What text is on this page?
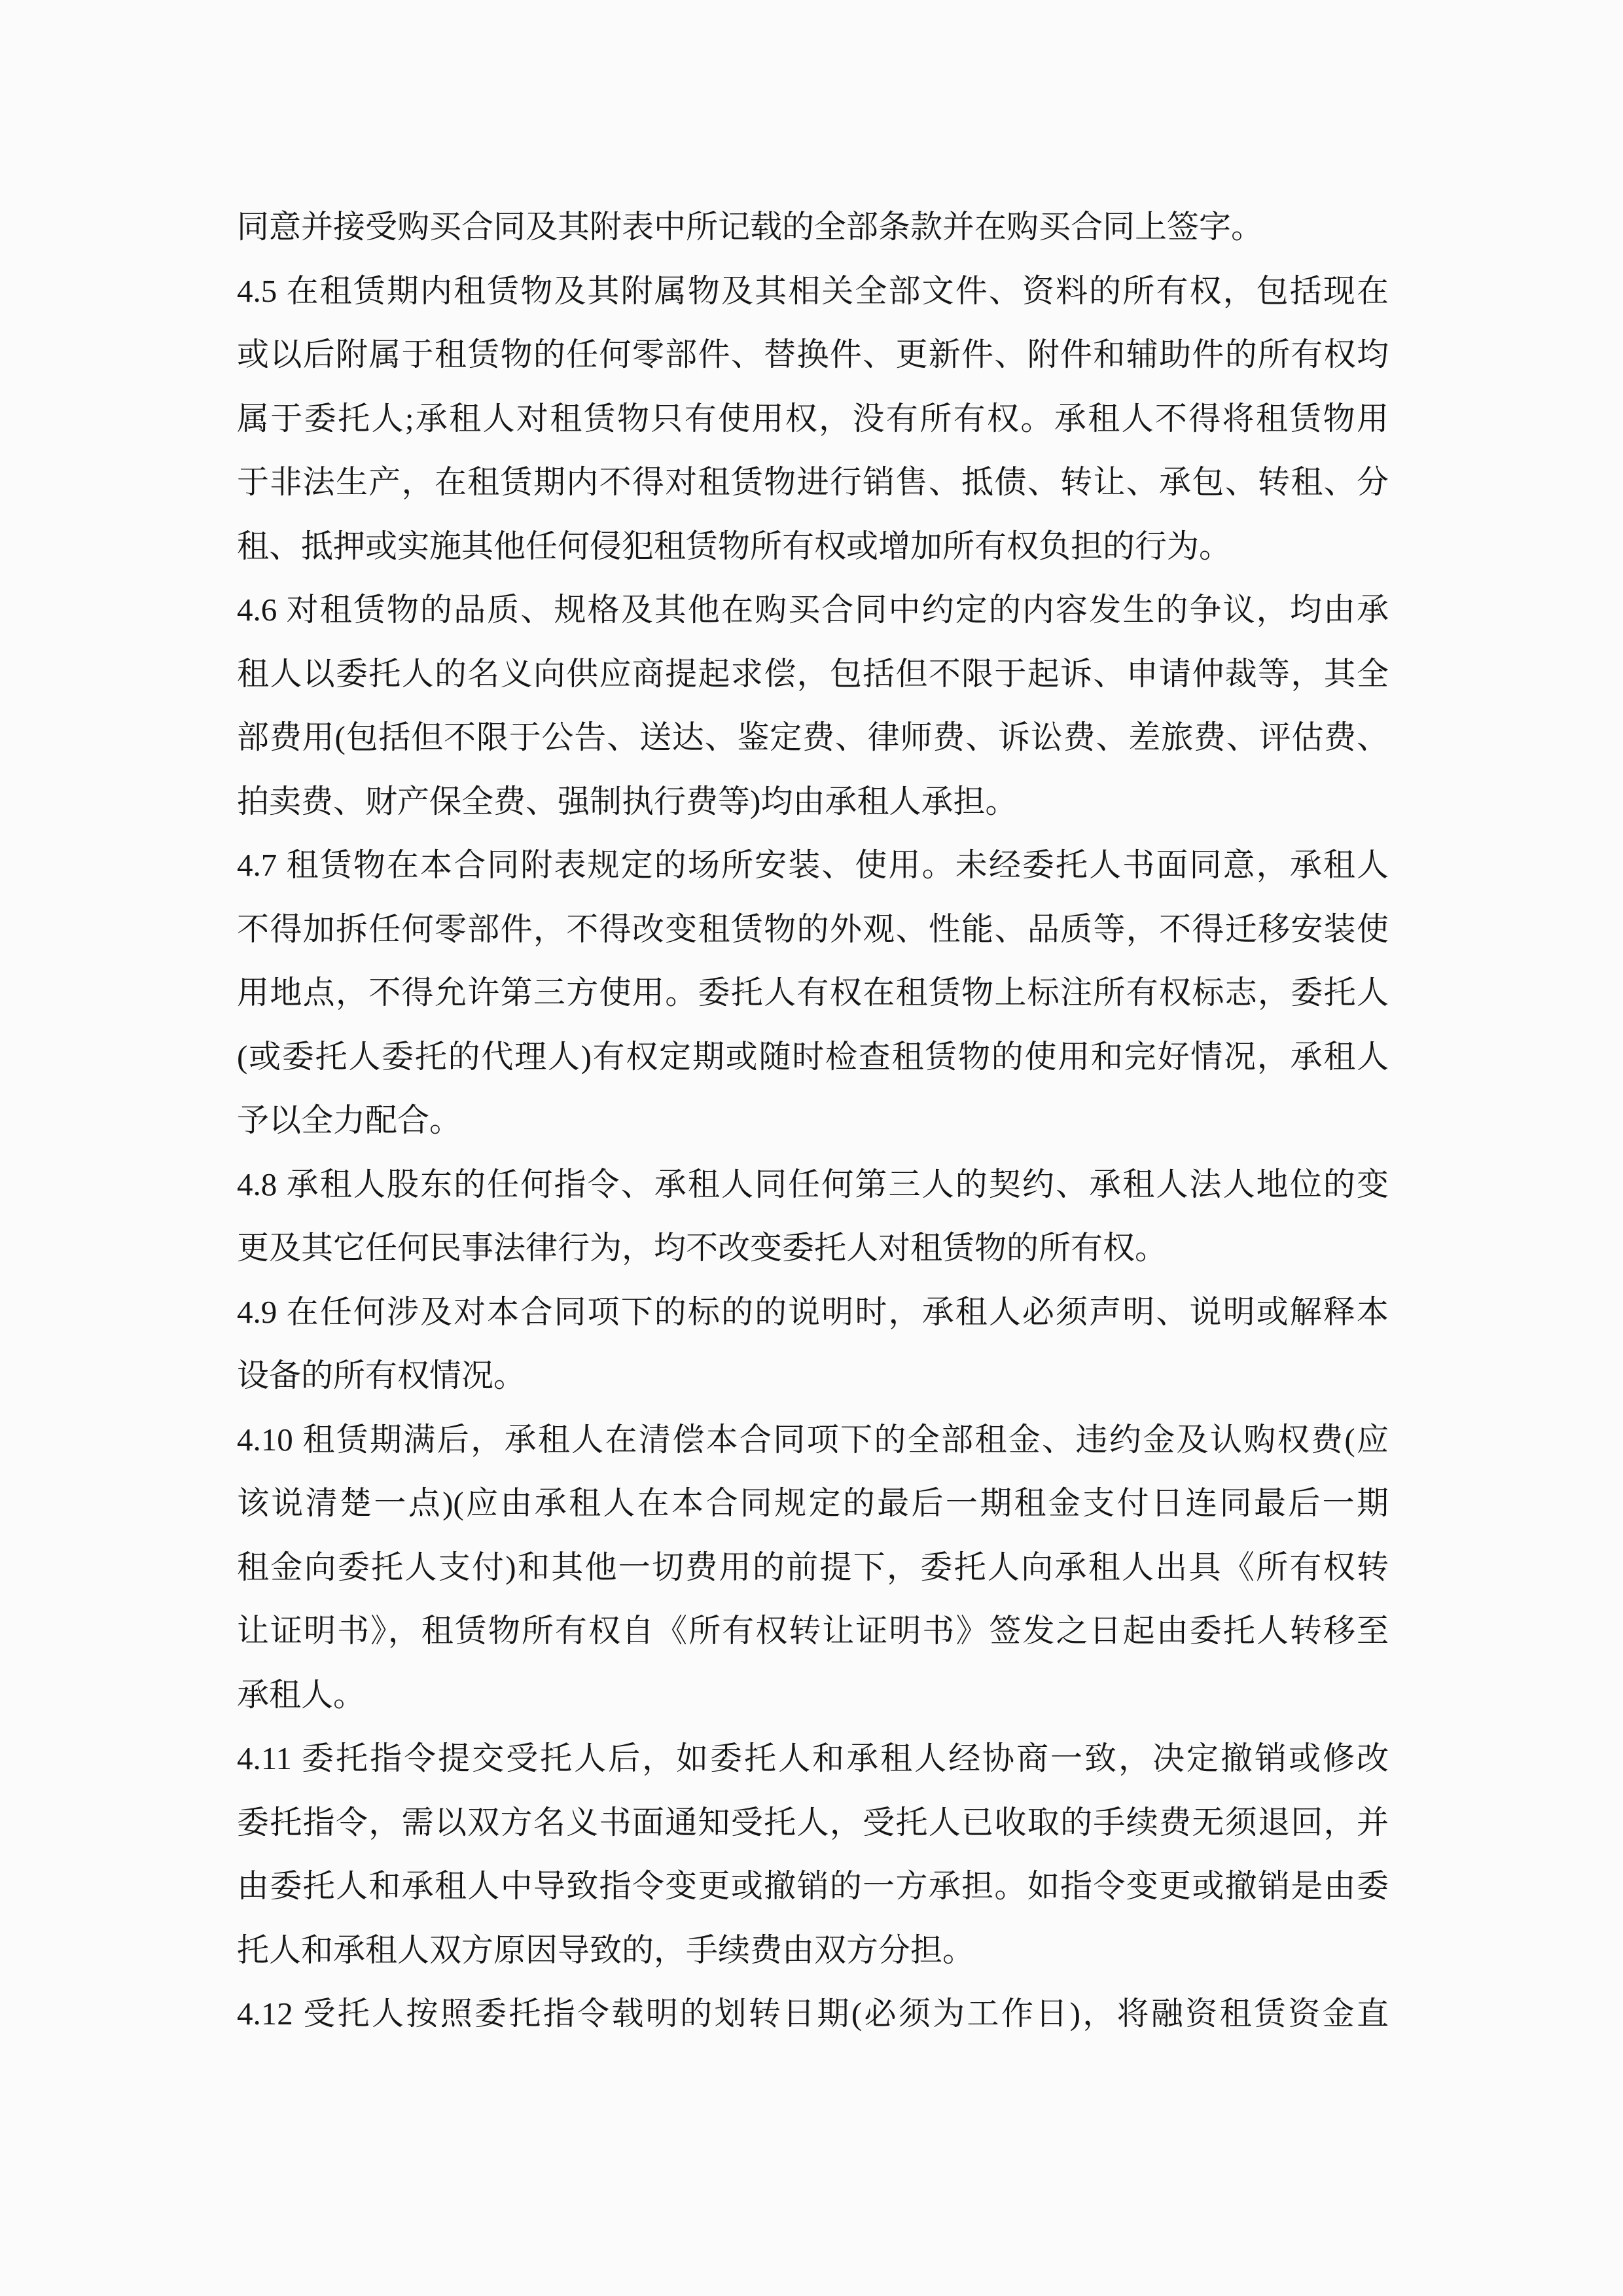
同意并接受购买合同及其附表中所记载的全部条款并在购买合同上签字。

4.5 在租赁期内租赁物及其附属物及其相关全部文件、资料的所有权，包括现在

或以后附属于租赁物的任何零部件、替换件、更新件、附件和辅助件的所有权均

属于委托人;承租人对租赁物只有使用权，没有所有权。承租人不得将租赁物用

于非法生产，在租赁期内不得对租赁物进行销售、抵债、转让、承包、转租、分

租、抵押或实施其他任何侵犯租赁物所有权或增加所有权负担的行为。

4.6 对租赁物的品质、规格及其他在购买合同中约定的内容发生的争议，均由承

租人以委托人的名义向供应商提起求偿，包括但不限于起诉、申请仲裁等，其全

部费用(包括但不限于公告、送达、鉴定费、律师费、诉讼费、差旅费、评估费、

拍卖费、财产保全费、强制执行费等)均由承租人承担。

4.7 租赁物在本合同附表规定的场所安装、使用。未经委托人书面同意，承租人

不得加拆任何零部件，不得改变租赁物的外观、性能、品质等，不得迁移安装使

用地点，不得允许第三方使用。委托人有权在租赁物上标注所有权标志，委托人

(或委托人委托的代理人)有权定期或随时检查租赁物的使用和完好情况，承租人

予以全力配合。

4.8 承租人股东的任何指令、承租人同任何第三人的契约、承租人法人地位的变

更及其它任何民事法律行为，均不改变委托人对租赁物的所有权。

4.9 在任何涉及对本合同项下的标的的说明时，承租人必须声明、说明或解释本

设备的所有权情况。

4.10 租赁期满后，承租人在清偿本合同项下的全部租金、违约金及认购权费(应

该说清楚一点)(应由承租人在本合同规定的最后一期租金支付日连同最后一期

租金向委托人支付)和其他一切费用的前提下，委托人向承租人出具《所有权转

让证明书》，租赁物所有权自《所有权转让证明书》签发之日起由委托人转移至

承租人。

4.11 委托指令提交受托人后，如委托人和承租人经协商一致，决定撤销或修改

委托指令，需以双方名义书面通知受托人，受托人已收取的手续费无须退回，并

由委托人和承租人中导致指令变更或撤销的一方承担。如指令变更或撤销是由委

托人和承租人双方原因导致的，手续费由双方分担。

4.12 受托人按照委托指令载明的划转日期(必须为工作日)，将融资租赁资金直
